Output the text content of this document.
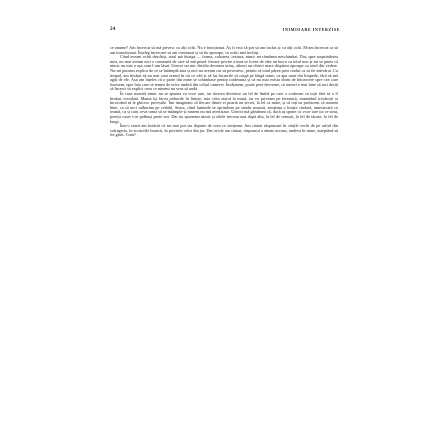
24	INIMIOARE INTERZISE

ce anume? Am încercat să mă privesc cu alți ochi. Nu e funcționat. Aș fi vrut să pot să am inclus și cu alți ochi. M-am încercat ca să am transformat. Înțeleg încercare să am continuat și să fiu aproape, cu ochii mei închiși.

Când aveam ochii deschiși, totul mă întriga — forma, culoarea, textura, nimic nu rămânea neschimbat. Dar, spre surprinderea mea, nu mai aveam nici o constantă de care să mă prind: fiecare privire a mea se lovea de câte un lucru cu totul nou și mi se părea că nimic nu mai e așa cum l-am lăsat. Uneori un mic detaliu devenea uriaș, alteori un obiect mare dispărea aproape cu totul din vedere. Nu-mi puteam explica de ce se întâmplă asta și nici nu aveam cui să povestesc, pentru că totul părea prea ciudat ca să fie adevărat. Cu timpul, am învățat să nu mai caut sensul în tot ce văd și să las lucrurile să curgă pe lângă mine, ca apa unui râu limpede, fără să mă agăț de ele. Așa am înțeles că o parte din mine se schimbase pentru totdeauna și că nu mai exista drum de întoarcere spre cea care fusesem, spre fata care se temea de orice umbră din colțul camerei. Învățasem, poate prea devreme, că uneori e mai bine să taci decât să încerci să explici ceea ce nimeni nu vrea să audă.

În casa noastră nimic nu se spunea cu voce tare, iar tăcerea devenise un fel de limbă pe care o vorbeam cu toții fără să o fi învățat vreodată. Mama își făcea treburile în liniște, tata citea ziarul la masă, iar eu priveam pe fereastră, numărând trecătorii și încercând să le ghicesc poveștile. Îmi imaginam că fiecare dintre ei poartă un secret, la fel ca mine, și că toți ne prefacem că suntem bine, ca să nu-i tulburăm pe ceilalți. Seara, când luminile se aprindeau pe strada noastră, simțeam o liniște ciudată, amestecată cu teamă, ca și cum ceva urma să se întâmple și nimeni nu mă avertizase. Uneori mă gândeam că, dacă aș spune cu voce tare tot ce simt, pereții casei s-ar prăbuși peste noi. Dar nu spuneam nimic și zilele treceau una după alta, la fel de cenușii, la fel de tăcute, la fel de lungi.

Într-o seară am hotărât că nu mai pot sta departe de ceea ce simțeam. Am căutat răspunsuri în cărțile vechi de pe raftul din sufragerie, în scrisorile bunicii, în privirile celor din jur. Dar oricât am căutat, răspunsul a rămas ascuns, undeva în mine, așteptând să fie găsit. Cum?
